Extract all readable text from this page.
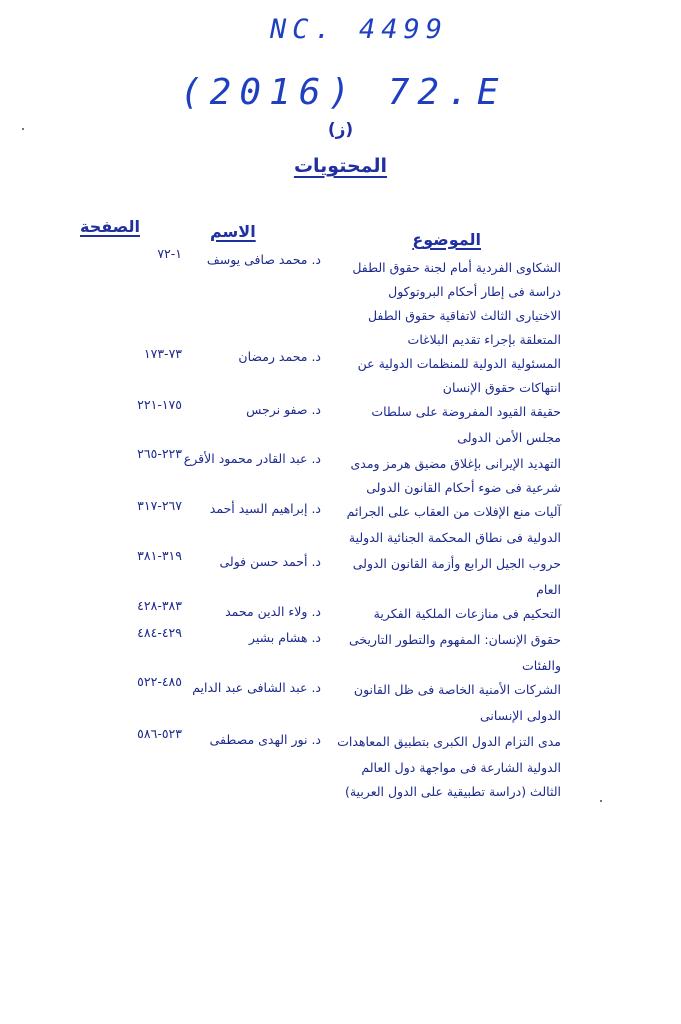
NC. 4499
(2016) 72.E
(ز)
المحتويات
الموضوع
الاسم
الصفحة
الشكاوى الفردية أمام لجنة حقوق الطفل
دراسة فى إطار أحكام البروتوكول
الاختيارى الثالث لاتفاقية حقوق الطفل
المتعلقة بإجراء تقديم البلاغات
د. محمد صافى يوسف
١-٧٢
المسئولية الدولية للمنظمات الدولية عن
انتهاكات حقوق الإنسان
د. محمد رمضان
٧٣-١٧٣
حقيقة القيود المفروضة على سلطات
مجلس الأمن الدولى
د. صفو نرجس
١٧٥-٢٢١
التهديد الإيرانى بإغلاق مضيق هرمز ومدى
شرعية فى ضوء أحكام القانون الدولى
د. عبد القادر محمود الأقرع
٢٢٣-٢٦٥
آليات منع الإفلات من العقاب على الجرائم
الدولية فى نطاق المحكمة الجنائية الدولية
د. إبراهيم السيد أحمد
٢٦٧-٣١٧
حروب الجيل الرابع وأزمة القانون الدولى
العام
د. أحمد حسن فولى
٣١٩-٣٨١
التحكيم فى منازعات الملكية الفكرية
د. ولاء الدين محمد
٣٨٣-٤٢٨
حقوق الإنسان: المفهوم والتطور التاريخى
والفئات
د. هشام بشير
٤٢٩-٤٨٤
الشركات الأمنية الخاصة فى ظل القانون
الدولى الإنسانى
د. عبد الشافى عبد الدايم
٤٨٥-٥٢٢
مدى التزام الدول الكبرى بتطبيق المعاهدات
الدولية الشارعة فى مواجهة دول العالم
الثالث (دراسة تطبيقية على الدول العربية)
د. نور الهدى مصطفى
٥٢٣-٥٨٦
